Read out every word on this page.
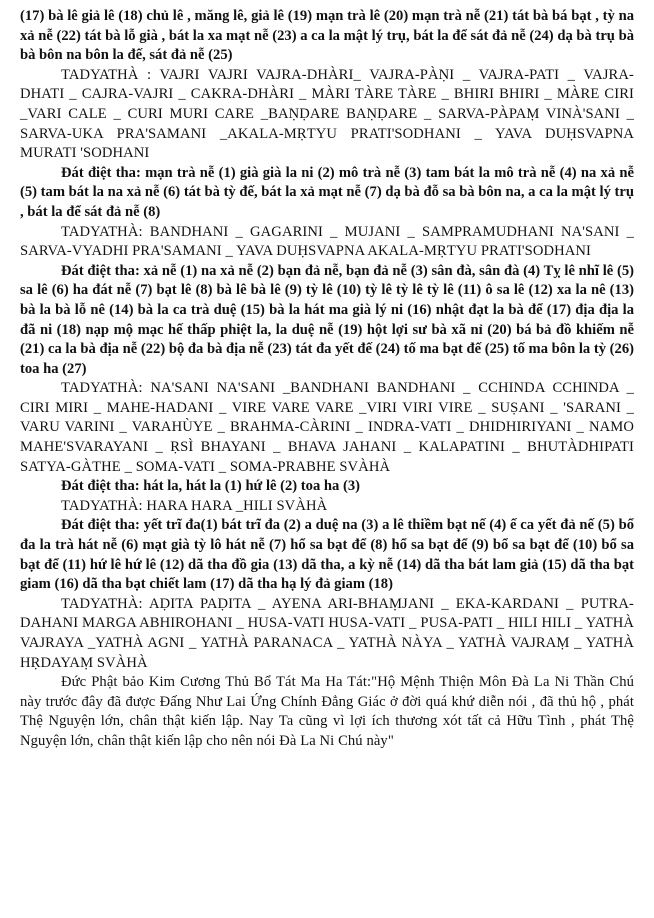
(17) bà lê giả lê (18) chủ lê , măng lê, giả lê (19) mạn trà lê (20) mạn trà nễ (21) tát bà bá bạt , tỳ na xả nễ (22) tát bà lỗ già , bát la xa mạt nễ (23) a ca la mật lý trụ, bát la để sát đả nễ (24) dạ bà trụ bà bà bôn na bôn la đế, sát đả nễ (25)

TADYATHÀ : VAJRI VAJRI VAJRA-DHÀRI_ VAJRA-PÀṆI _ VAJRA-PATI _ VAJRA-DHATI _ CAJRA-VAJRI _ CAKRA-DHÀRI _ MÀRI TÀRE TÀRE _ BHIRI BHIRI _ MÀRE CIRI _VARI CALE _ CURI MURI CARE _BAṆḌARE BAṆḌARE _ SARVA-PÀPAṂ VINÀ'SANI _ SARVA-UKA PRA'SAMANI _AKALA-MṚTYU PRATI'SODHANI _ YAVA DUḤSVAPNA MURATI 'SODHANI

Đát điệt tha: mạn trà nễ (1) già già la ni (2) mô trà nễ (3) tam bát la mô trà nễ (4) na xả nễ (5) tam bát la na xả nễ (6) tát bà tỳ đế, bát la xả mạt nễ (7) dạ bà đỗ sa bà bôn na, a ca la mật lý trụ , bát la để sát đả nễ (8)

TADYATHÀ: BANDHANI _ GAGARINI _ MUJANI _ SAMPRAMUDHANI NA'SANI _ SARVA-VYADHI PRA'SAMANI _ YAVA DUḤSVAPNA AKALA-MṚTYU PRATI'SODHANI

Đát điệt tha: xả nễ (1) na xả nễ (2) bạn đả nễ, bạn đả nễ (3) sân đà, sân đà (4) Tỵ lê nhĩ lê (5) sa lê (6) ha đát nễ (7) bạt lê (8) bà lê bà lê (9) tỳ lê (10) tỳ lê tỳ lê tỳ lê (11) ô sa lê (12) xa la nê (13) bà la bà lỗ nê (14) bà la ca trà duệ (15) bà la hát ma già lý ni (16) nhật đạt la bà để (17) địa địa la đã ni (18) nạp mộ mạc hế thấp phiệt la, la duệ nễ (19) hột lợi sư bà xã nỉ (20) bá bả đồ khiếm nễ (21) ca la bà địa nễ (22) bộ đa bà địa nễ (23) tát đa yết đế (24) tố ma bạt đế (25) tố ma bôn la tỳ (26) toa ha (27)

TADYATHÀ: NA'SANI NA'SANI _BANDHANI BANDHANI _ CCHINDA CCHINDA _ CIRI MIRI _ MAHE-HADANI _ VIRE VARE VARE _VIRI VIRI VIRE _ SUṢANI _ 'SARANI _ VARU VARINI _ VARAHÙYE _ BRAHMA-CÀRINI _ INDRA-VATI _ DHIDHIRIYANI _ NAMO MAHE'SVARAYANI _ ṚSÌ BHAYANI _ BHAVA JAHANI _ KALAPATINI _ BHUTÀDHIPATI SATYA-GÀTHE _ SOMA-VATI _ SOMA-PRABHE SVÀHÀ

Đát điệt tha: hát la, hát la (1) hứ lê (2) toa ha (3)

TADYATHÀ: HARA HARA _HILI SVÀHÀ

Đát điệt tha: yết trĩ đa(1) bát trĩ đa (2) a duệ na (3) a lê thiềm bạt nế (4) ế ca yết đả nế (5) bổ đa la trà hát nễ (6) mạt già tỳ lô hát nễ (7) hổ sa bạt để (8) hổ sa bạt để (9) bổ sa bạt để (10) bổ sa bạt để (11) hứ lê hứ lê (12) dã tha đồ gia (13) dã tha, a kỳ nễ (14) dã tha bát lam giả (15) dã tha bạt giam (16) dã tha bạt chiết lam (17) dã tha hạ lý đả giam (18)

TADYATHÀ: AḌITA PAḌITA _ AYENA ARI-BHAṂJANI _ EKA-KARDANI _ PUTRA-DAHANI MARGA ABHIROHANI _ HUSA-VATI HUSA-VATI _ PUSA-PATI _ HILI HILI _ YATHÀ VAJRAYA _YATHÀ AGNI _ YATHÀ PARANACA _ YATHÀ NÀYA _ YATHÀ VAJRAṂ _ YATHÀ HṚDAYAṂ SVÀHÀ

Đức Phật bảo Kim Cương Thủ Bổ Tát Ma Ha Tát:"Hộ Mệnh Thiện Môn Đà La Ni Thần Chú này trước đây đã được Đấng Như Lai Ứng Chính Đẳng Giác ở đời quá khứ diễn nói , đã thủ hộ , phát Thệ Nguyện lớn, chân thật kiến lập. Nay Ta cũng vì lợi ích thương xót tất cả Hữu Tình , phát Thệ Nguyện lớn, chân thật kiến lập cho nên nói Đà La Ni Chú này"
